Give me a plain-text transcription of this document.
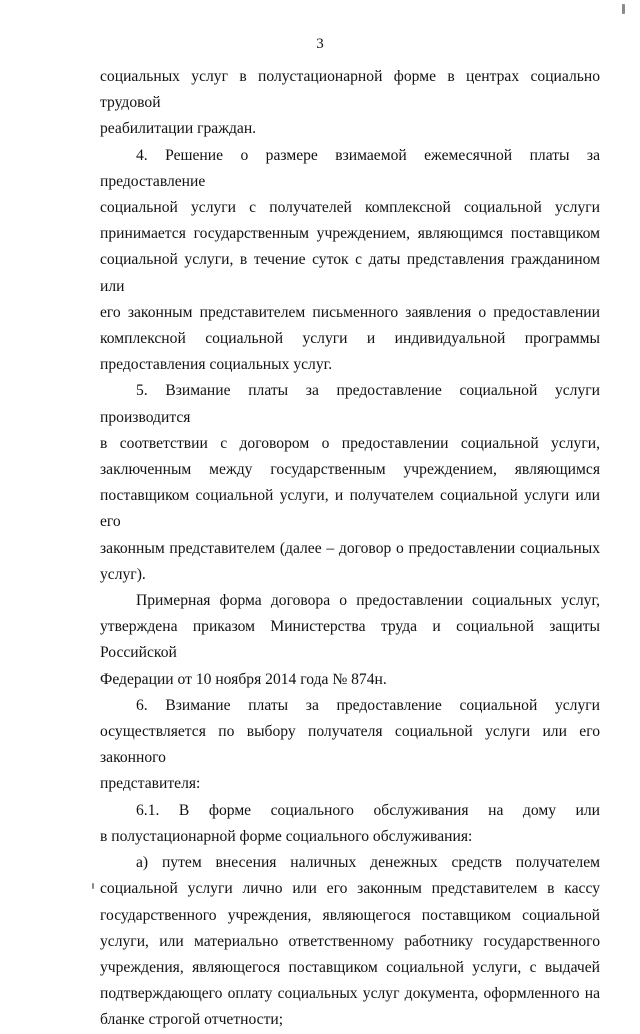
3

социальных услуг в полустационарной форме в центрах социально трудовой
реабилитации граждан.

4. Решение о размере взимаемой ежемесячной платы за предоставление
социальной услуги с получателей комплексной социальной услуги
принимается государственным учреждением, являющимся поставщиком
социальной услуги, в течение суток с даты представления гражданином или
его законным представителем письменного заявления о предоставлении
комплексной социальной услуги и индивидуальной программы
предоставления социальных услуг.

5. Взимание платы за предоставление социальной услуги производится
в соответствии с договором о предоставлении социальной услуги,
заключенным между государственным учреждением, являющимся
поставщиком социальной услуги, и получателем социальной услуги или его
законным представителем (далее – договор о предоставлении социальных
услуг).

Примерная форма договора о предоставлении социальных услуг,
утверждена приказом Министерства труда и социальной защиты Российской
Федерации от 10 ноября 2014 года № 874н.

6. Взимание платы за предоставление социальной услуги
осуществляется по выбору получателя социальной услуги или его законного
представителя:

6.1. В форме социального обслуживания на дому или
в полустационарной форме социального обслуживания:

а) путем внесения наличных денежных средств получателем
социальной услуги лично или его законным представителем в кассу
государственного учреждения, являющегося поставщиком социальной
услуги, или материально ответственному работнику государственного
учреждения, являющегося поставщиком социальной услуги, с выдачей
подтверждающего оплату социальных услуг документа, оформленного на
бланке строгой отчетности;
